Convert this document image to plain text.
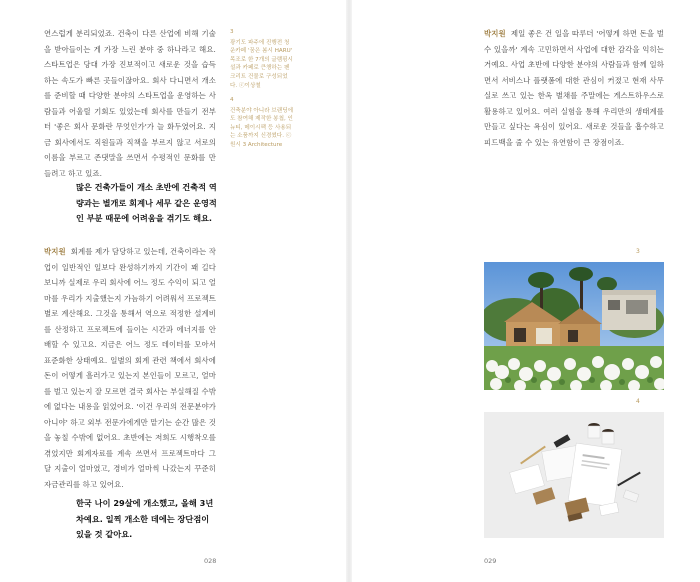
연스럽게 분리되었죠. 건축이 다른 산업에 비해 기술을 받아들이는 게 가장 느린 분야 중 하나라고 해요. 스타트업은 당대 가장 진보적이고 새로운 것을 습득하는 속도가 빠른 곳들이잖아요. 회사 다니면서 개소를 준비할 때 다양한 분야의 스타트업을 운영하는 사람들과 어울릴 기회도 있었는데 회사를 만들기 전부터 '좋은 회사 문화란 무엇인가'가 늘 화두였어요. 지금 회사에서도 직원들과 직책을 부르지 않고 서로의 이름을 부르고 존댓말을 쓰면서 수평적인 문화를 만들려고 하고 있죠.

많은 건축가들이 개소 초반에 건축적 역량과는 별개로 회계나 세무 같은 운영적인 부분 때문에 어려움을 겪기도 해요.

박지원 회계를 제가 담당하고 있는데, 건축이라는 작업이 일반적인 일보다 완성하기까지 기간이 꽤 길다 보니까 실제로 우리 회사에 어느 정도 수익이 되고 얼마를 우리가 지출했는지 가늠하기 어려워서 프로젝트별로 계산해요. 그것을 통해서 역으로 적정한 설계비를 산정하고 프로젝트에 들이는 시간과 에너지를 안배할 수 있고요. 지금은 어느 정도 데이터를 모아서 표준화한 상태예요. 일별의 회계 관련 책에서 회사에 돈이 어떻게 흘러가고 있는지 본인들이 모르고, 얼마를 벌고 있는지 잘 모르면 결국 회사는 부실해질 수밖에 없다는 내용을 읽었어요. '이건 우리의 전문분야가 아니야' 하고 외부 전문가에게만 맡기는 순간 많은 것을 놓칠 수밖에 없어요. 초반에는 저희도 시행착오를 겪었지만 회계자료를 계속 쓰면서 프로젝트마다 그 달 지출이 얼마였고, 경비가 얼마씩 나갔는지 꾸준히 자금관리를 하고 있어요.

한국 나이 29살에 개소했고, 올해 3년차예요. 일찍 개소한 데에는 장단점이 있을 것 같아요.

028

3
광기도 파주에 진행전 청운카페 '꿈은 봄시 HARU' 목조로 한 7개의 글램핑시설과 카페로 큰챙하는 펜크리트 건물로 구성되었다. ⓒ이상철

4
건축분야 아니라 브랜딩에도 참여해 제작한 봉첩, 인뉴티, 메이시팩 등 사용되는 소품까지 신경썼다. ⓒ원시 3 Architecture

박지원 제일 좋은 건 일을 따루더 '어떻게 하면 돈을 벌 수 있을까' 계속 고민하면서 사업에 대한 감각을 익히는 거예요. 사업 초반에 다양한 분야의 사람들과 함께 일하면서 서비스나 플랫폼에 대한 관심이 커졌고 현재 사무실로 쓰고 있는 한옥 별채를 주말에는 게스트하우스로 활용하고 있어요. 여러 실험을 통해 우리만의 생태계를 만들고 싶다는 욕심이 있어요. 새로운 것들을 흡수하고 피드백을 줄 수 있는 유연함이 큰 장점이죠.

3
4
029
